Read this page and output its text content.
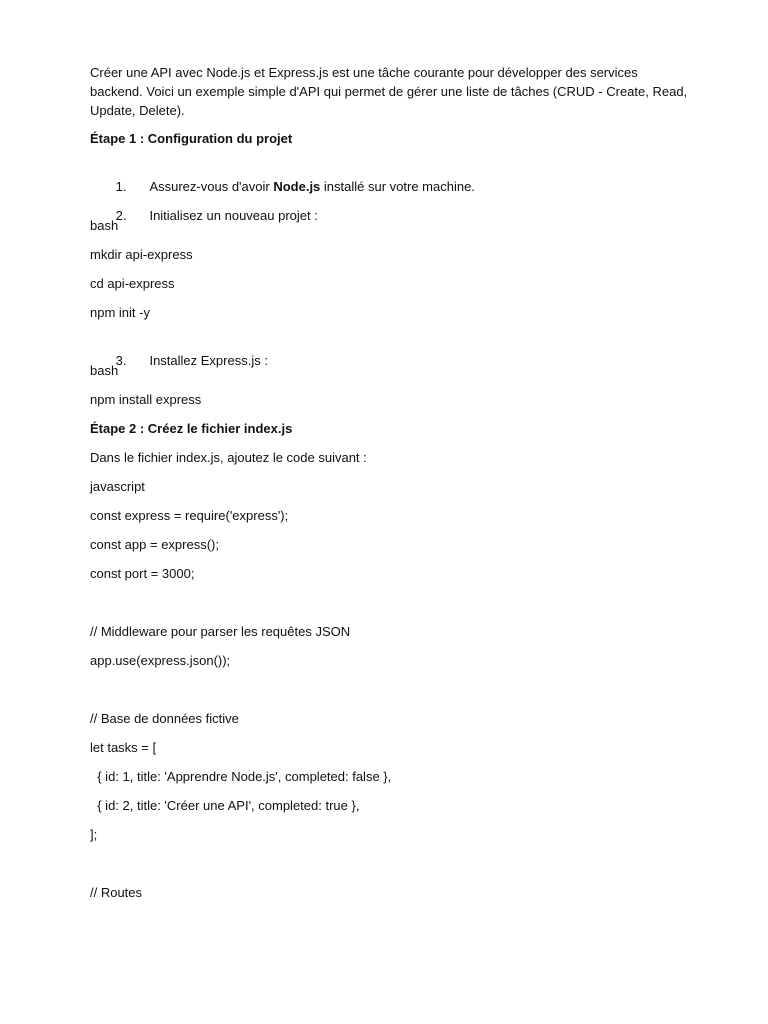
Créer une API avec Node.js et Express.js est une tâche courante pour développer des services backend. Voici un exemple simple d'API qui permet de gérer une liste de tâches (CRUD - Create, Read, Update, Delete).

Étape 1 : Configuration du projet

1. Assurez-vous d'avoir Node.js installé sur votre machine.

2. Initialisez un nouveau projet :

bash
mkdir api-express
cd api-express
npm init -y

3. Installez Express.js :

bash
npm install express
Étape 2 : Créez le fichier index.js
Dans le fichier index.js, ajoutez le code suivant :
javascript
const express = require('express');
const app = express();
const port = 3000;
// Middleware pour parser les requêtes JSON
app.use(express.json());
// Base de données fictive
let tasks = [
{ id: 1, title: 'Apprendre Node.js', completed: false },
{ id: 2, title: 'Créer une API', completed: true },
];
// Routes
